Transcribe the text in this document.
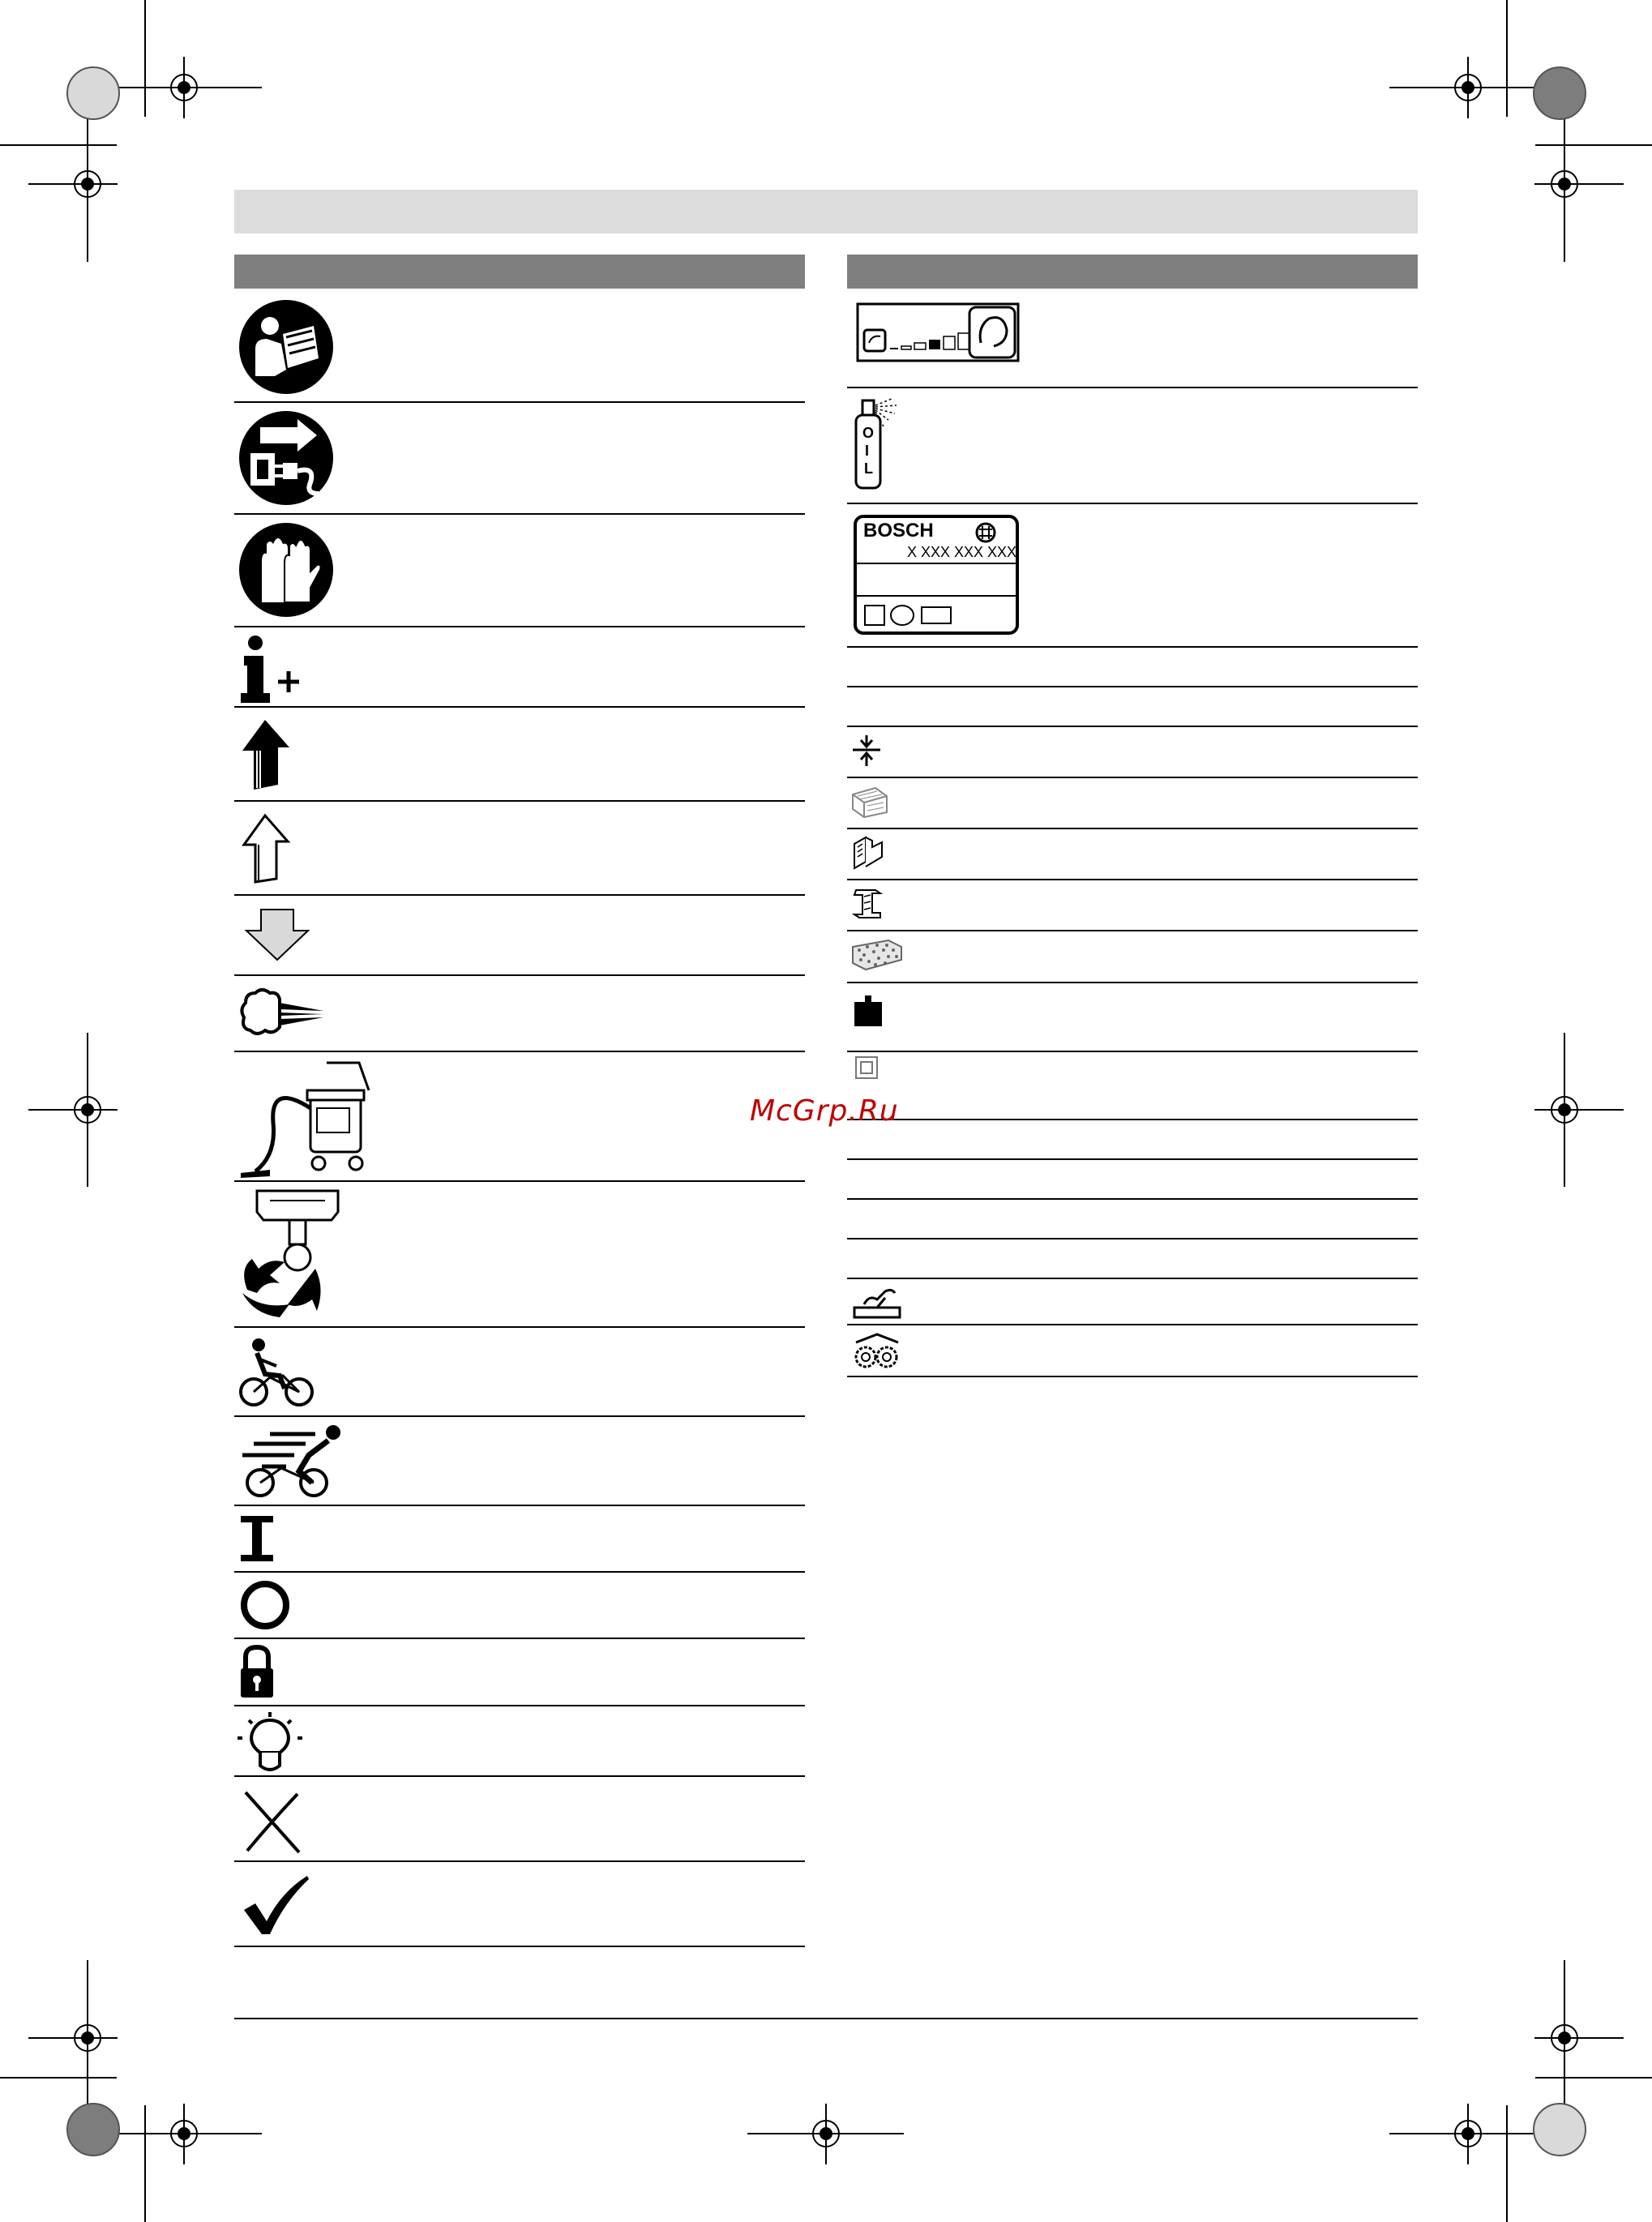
O
I
L
BOSCH
X XXX XXX XXX
McGrp.Ru
